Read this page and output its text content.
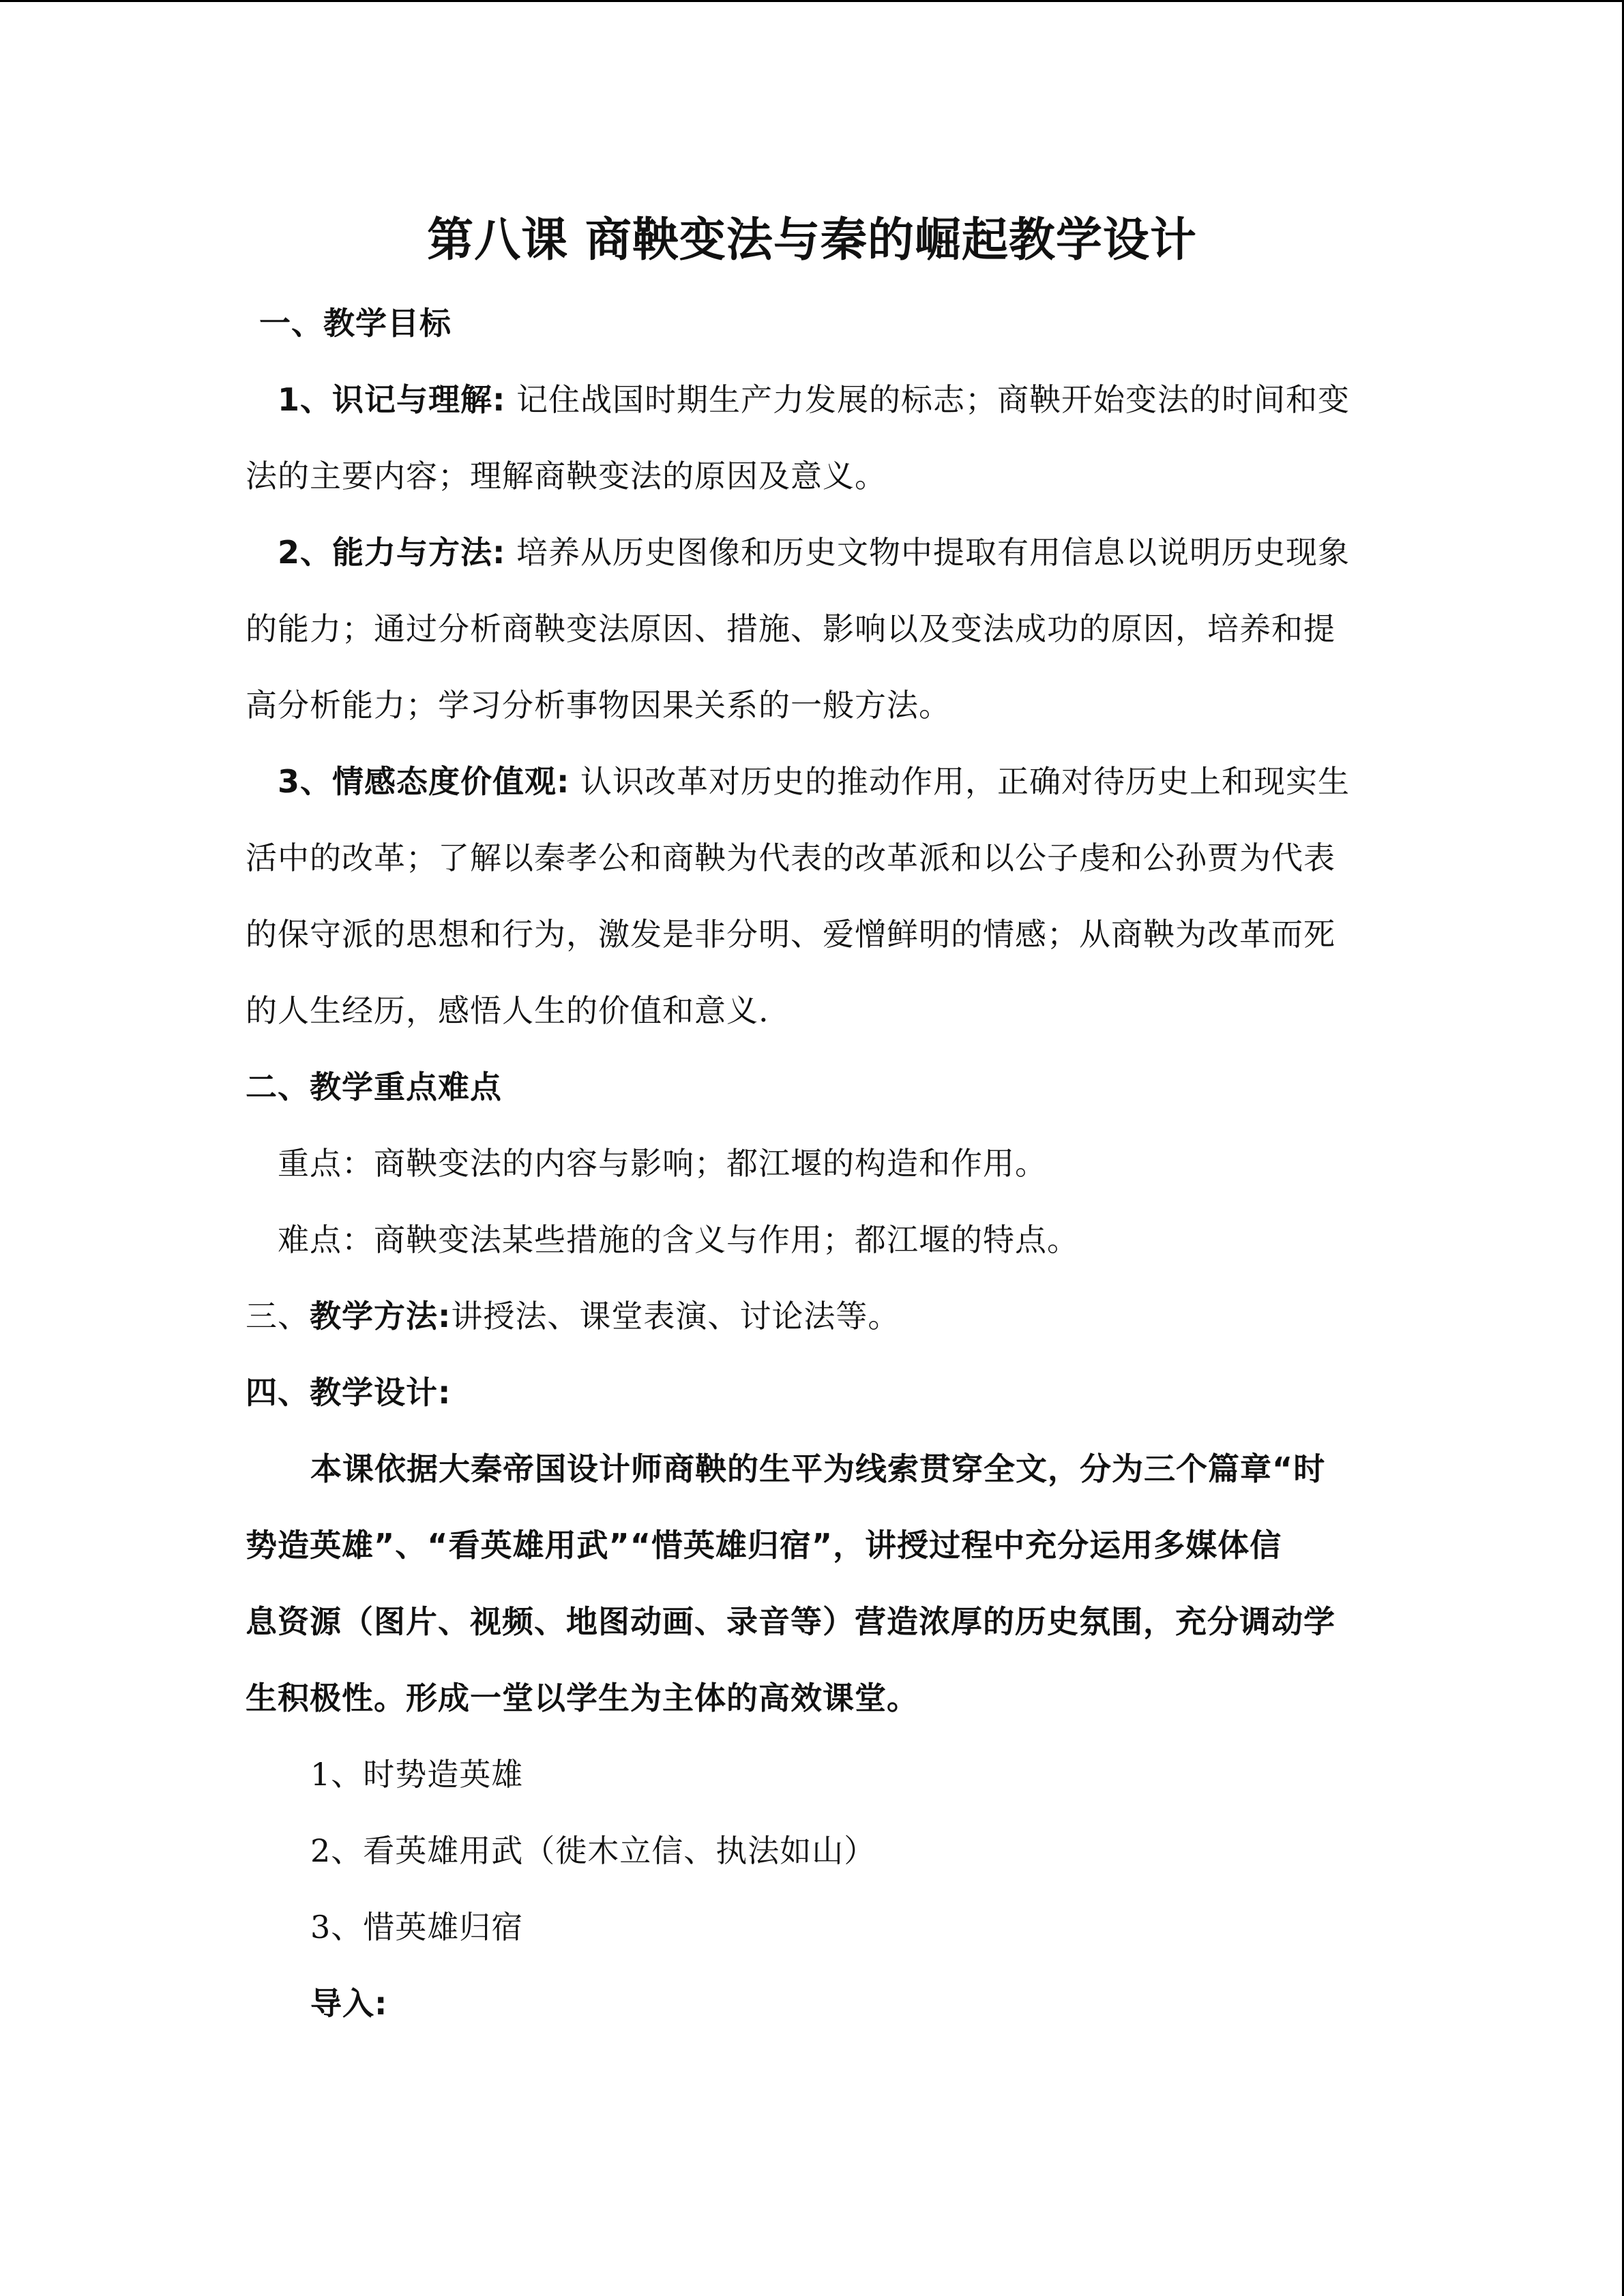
第八课 商鞅变法与秦的崛起教学设计
一、教学目标
1、识记与理解: 记住战国时期生产力发展的标志；商鞅开始变法的时间和变
法的主要内容；理解商鞅变法的原因及意义。
2、能力与方法: 培养从历史图像和历史文物中提取有用信息以说明历史现象
的能力；通过分析商鞅变法原因、措施、影响以及变法成功的原因，培养和提
高分析能力；学习分析事物因果关系的一般方法。
3、情感态度价值观: 认识改革对历史的推动作用，正确对待历史上和现实生
活中的改革；了解以秦孝公和商鞅为代表的改革派和以公子虔和公孙贾为代表
的保守派的思想和行为，激发是非分明、爱憎鲜明的情感；从商鞅为改革而死
的人生经历，感悟人生的价值和意义.
二、教学重点难点
重点：商鞅变法的内容与影响；都江堰的构造和作用。
难点：商鞅变法某些措施的含义与作用；都江堰的特点。
三、教学方法:讲授法、课堂表演、讨论法等。
四、教学设计:
本课依据大秦帝国设计师商鞅的生平为线索贯穿全文，分为三个篇章“时
势造英雄”、“看英雄用武”“惜英雄归宿”，讲授过程中充分运用多媒体信
息资源（图片、视频、地图动画、录音等）营造浓厚的历史氛围，充分调动学
生积极性。形成一堂以学生为主体的高效课堂。
1、时势造英雄
2、看英雄用武（徙木立信、执法如山）
3、惜英雄归宿
导入:
